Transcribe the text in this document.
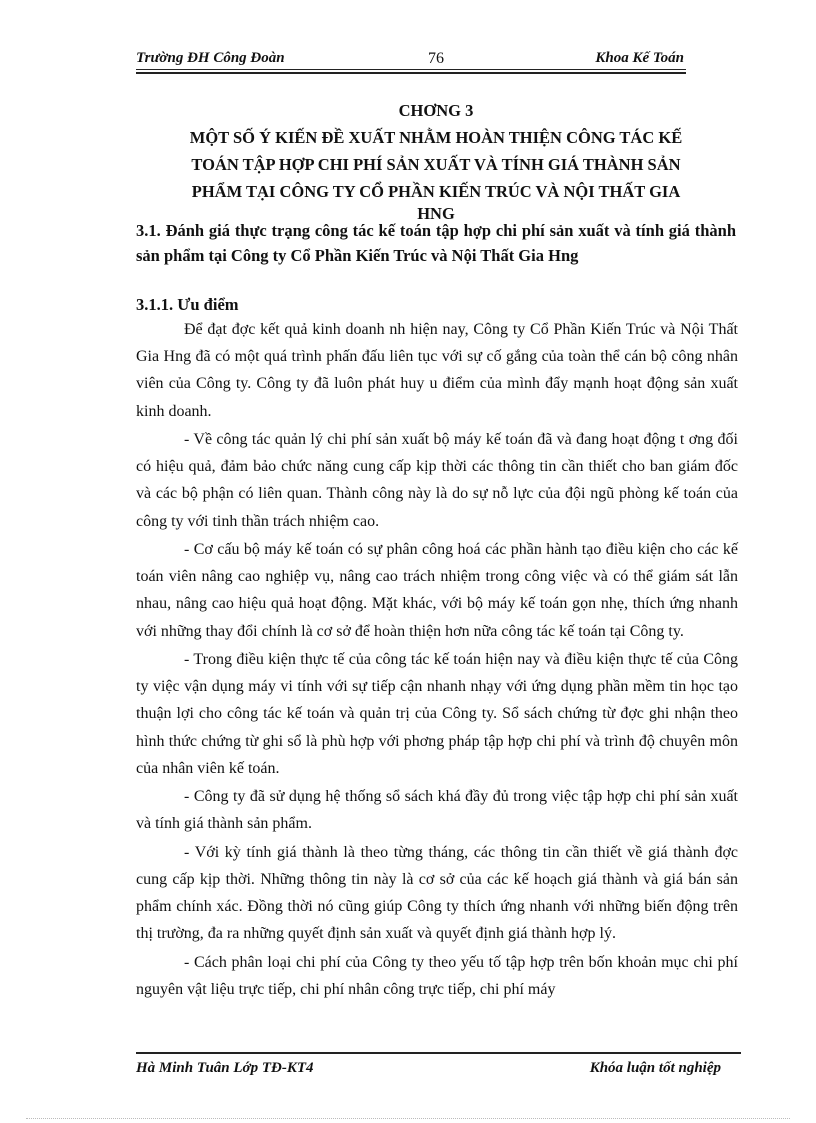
Trường ĐH Công Đoàn	76	Khoa Kế Toán
CHƠNG 3
MỘT SỐ Ý KIẾN ĐỀ XUẤT NHẰM HOÀN THIỆN CÔNG TÁC KẾ
TOÁN TẬP HỢP CHI PHÍ SẢN XUẤT VÀ TÍNH GIÁ THÀNH SẢN
PHẨM TẠI CÔNG TY CỔ PHẦN KIẾN TRÚC VÀ NỘI THẤT GIA
HNG
3.1. Đánh giá thực trạng công tác kế toán tập hợp chi phí sản xuất và tính giá thành sản phẩm tại Công ty Cổ Phần Kiến Trúc và Nội Thất Gia Hng
3.1.1. Ưu điểm

Để đạt đợc kết quả kinh doanh nh hiện nay, Công ty Cổ Phần Kiến Trúc và Nội Thất Gia Hng đã có một quá trình phấn đấu liên tục với sự cố gắng của toàn thể cán bộ công nhân viên của Công ty. Công ty đã luôn phát huy u điểm của mình đẩy mạnh hoạt động sản xuất kinh doanh.

- Về công tác quản lý chi phí sản xuất bộ máy kế toán đã và đang hoạt động t ơng đối có hiệu quả, đảm bảo chức năng cung cấp kịp thời các thông tin cần thiết cho ban giám đốc và các bộ phận có liên quan. Thành công này là do sự nỗ lực của đội ngũ phòng kế toán của công ty với tinh thần trách nhiệm cao.

- Cơ cấu bộ máy kế toán có sự phân công hoá các phần hành tạo điều kiện cho các kế toán viên nâng cao nghiệp vụ, nâng cao trách nhiệm trong công việc và có thể giám sát lẫn nhau, nâng cao hiệu quả hoạt động. Mặt khác, với bộ máy kế toán gọn nhẹ, thích ứng nhanh với những thay đổi chính là cơ sở để hoàn thiện hơn nữa công tác kế toán tại Công ty.

- Trong điều kiện thực tế của công tác kế toán hiện nay và điều kiện thực tế của Công ty việc vận dụng máy vi tính với sự tiếp cận nhanh nhạy với ứng dụng phần mềm tin học tạo thuận lợi cho công tác kế toán và quản trị của Công ty. Sổ sách chứng từ đợc ghi nhận theo hình thức chứng từ ghi sổ là phù hợp với phơng pháp tập hợp chi phí và trình độ chuyên môn của nhân viên kế toán.

- Công ty đã sử dụng hệ thống sổ sách khá đầy đủ trong việc tập hợp chi phí sản xuất và tính giá thành sản phẩm.

- Với kỳ tính giá thành là theo từng tháng, các thông tin cần thiết về giá thành đợc cung cấp kịp thời. Những thông tin này là cơ sở của các kế hoạch giá thành và giá bán sản phẩm chính xác. Đồng thời nó cũng giúp Công ty thích ứng nhanh với những biến động trên thị trường, đa ra những quyết định sản xuất và quyết định giá thành hợp lý.

- Cách phân loại chi phí của Công ty theo yếu tố tập hợp trên bốn khoản mục chi phí nguyên vật liệu trực tiếp, chi phí nhân công trực tiếp, chi phí máy

Hà Minh Tuân Lớp TĐ-KT4	Khóa luận tốt nghiệp
